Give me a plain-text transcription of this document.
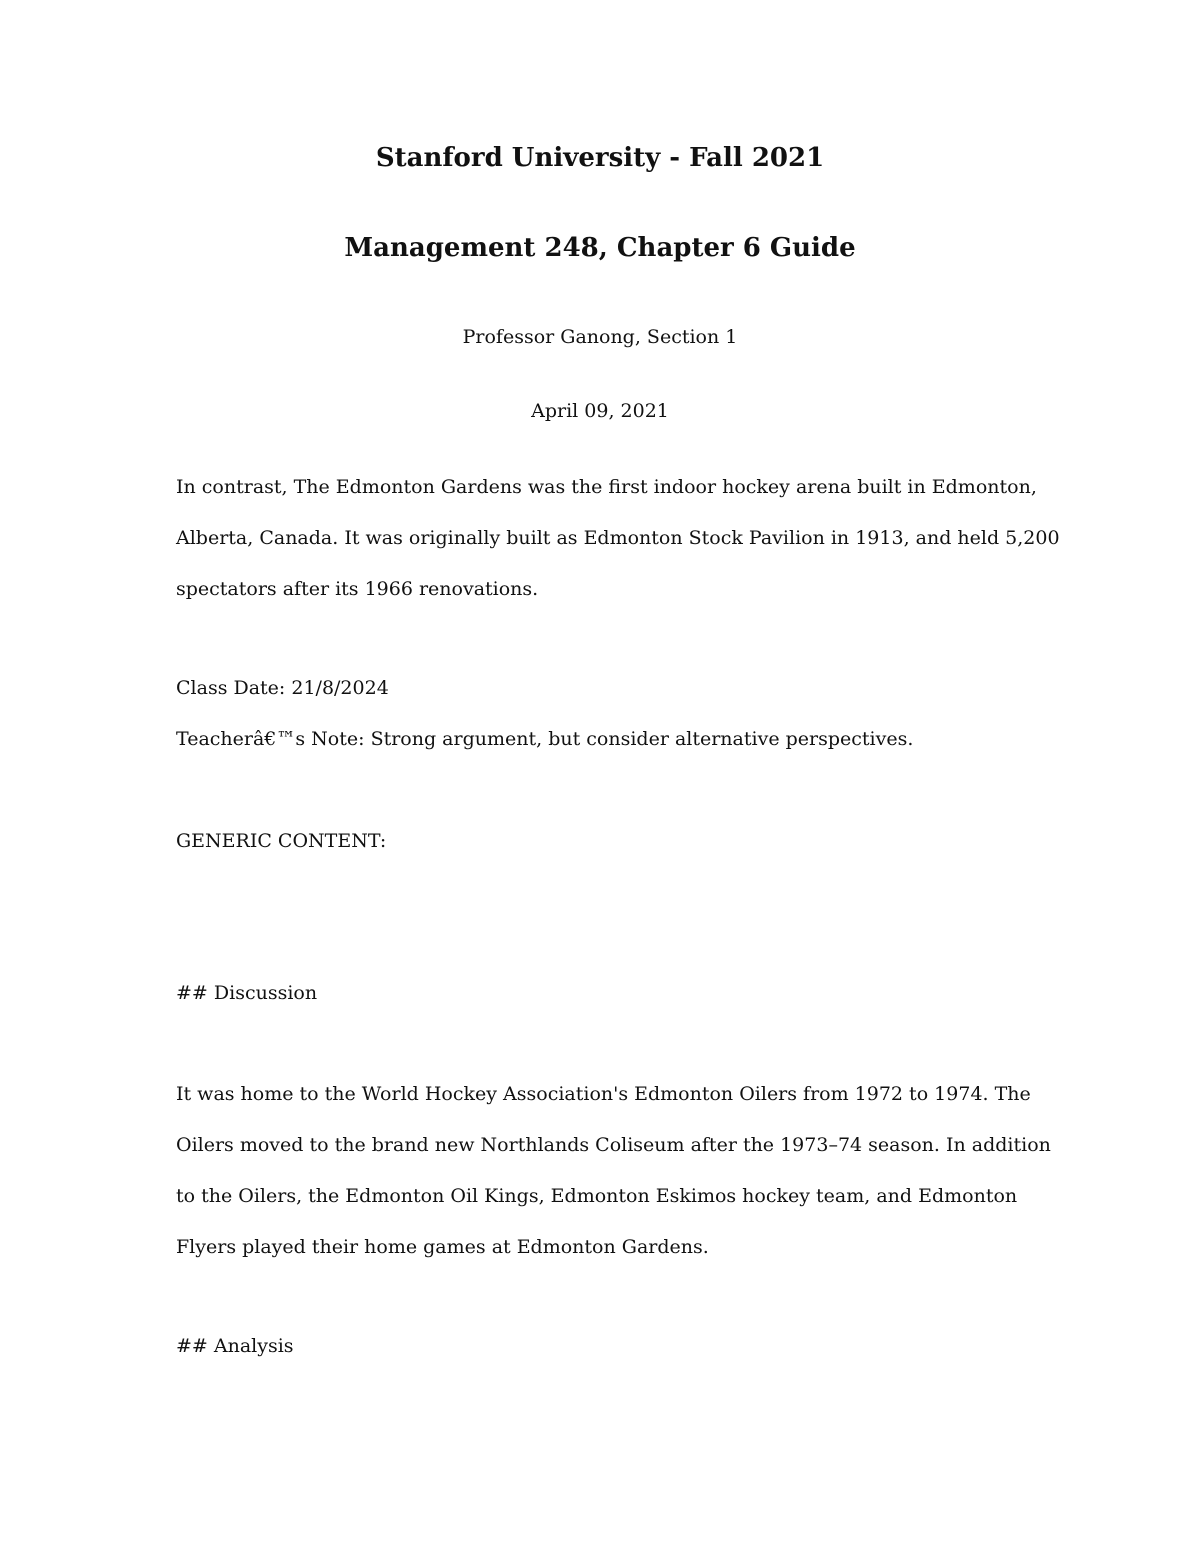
Stanford University - Fall 2021
Management 248, Chapter 6 Guide

Professor Ganong, Section 1

April 09, 2021

In contrast, The Edmonton Gardens was the first indoor hockey arena built in Edmonton,
Alberta, Canada. It was originally built as Edmonton Stock Pavilion in 1913, and held 5,200
spectators after its 1966 renovations.
Class Date: 21/8/2024
Teacherâ€™s Note: Strong argument, but consider alternative perspectives.
GENERIC CONTENT:
## Discussion
It was home to the World Hockey Association's Edmonton Oilers from 1972 to 1974. The
Oilers moved to the brand new Northlands Coliseum after the 1973–74 season. In addition
to the Oilers, the Edmonton Oil Kings, Edmonton Eskimos hockey team, and Edmonton
Flyers played their home games at Edmonton Gardens.
## Analysis
